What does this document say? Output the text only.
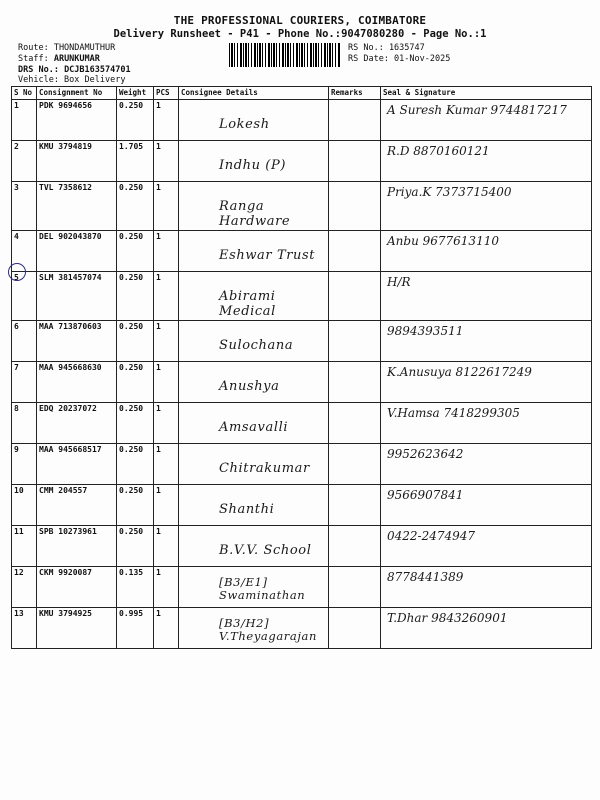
THE PROFESSIONAL COURIERS, COIMBATORE
Delivery Runsheet - P41 - Phone No.:9047080280 - Page No.:1
Route: THONDAMUTHUR
Staff: ARUNKUMAR
DRS No.: DCJB163574701
Vehicle: Box Delivery
RS No.: 1635747
RS Date: 01-Nov-2025
S No	Consignment No	Weight	PCS	Consignee Details	Remarks	Seal & Signature
1	PDK 9694656	0.250	1	Lokesh		A Suresh Kumar 9744817217

2	KMU 3794819	1.705	1	Indhu (P)		R.D 8870160121

3	TVL 7358612	0.250	1	Ranga Hardware		Priya.K 7373715400

4	DEL 902043870	0.250	1	Eshwar Trust		Anbu 9677613110

5	SLM 381457074	0.250	1	Abirami Medical		H/R

6	MAA 713870603	0.250	1	Sulochana		9894393511

7	MAA 945668630	0.250	1	Anushya		K.Anusuya 8122617249

8	EDQ 20237072	0.250	1	Amsavalli		V.Hamsa 7418299305

9	MAA 945668517	0.250	1	Chitrakumar		9952623642

10	CMM 204557	0.250	1	Shanthi		9566907841

11	SPB 10273961	0.250	1	B.V.V. School		0422-2474947

12	CKM 9920087	0.135	1	[B3/E1] Swaminathan		8778441389

13	KMU 3794925	0.995	1	[B3/H2] V.Theyagarajan		T.Dhar 9843260901
